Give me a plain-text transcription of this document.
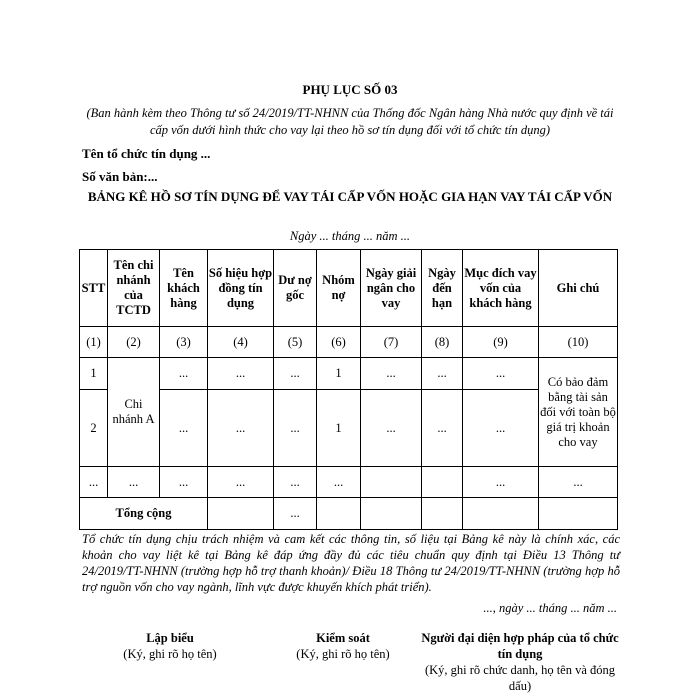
PHỤ LỤC SỐ 03
(Ban hành kèm theo Thông tư số 24/2019/TT-NHNN của Thống đốc Ngân hàng Nhà nước quy định về tái cấp vốn dưới hình thức cho vay lại theo hồ sơ tín dụng đối với tổ chức tín dụng)
Tên tổ chức tín dụng ...
Số văn bản:...
BẢNG KÊ HỒ SƠ TÍN DỤNG ĐỂ VAY TÁI CẤP VỐN HOẶC GIA HẠN VAY TÁI CẤP VỐN
Ngày ... tháng ... năm ...
STT	Tên chi nhánh của TCTD	Tên khách hàng	Số hiệu hợp đồng tín dụng	Dư nợ gốc	Nhóm nợ	Ngày giải ngân cho vay	Ngày đến hạn	Mục đích vay vốn của khách hàng	Ghi chú
(1)	(2)	(3)	(4)	(5)	(6)	(7)	(8)	(9)	(10)
1	Chi nhánh A	...	...	...	1	...	...	...	Có bảo đảm bằng tài sản đối với toàn bộ giá trị khoản cho vay
2		...	...	...	1	...	...	...	
...	...	...	...	...	...			...	...
Tổng cộng				...					
Tổ chức tín dụng chịu trách nhiệm và cam kết các thông tin, số liệu tại Bảng kê này là chính xác, các khoản cho vay liệt kê tại Bảng kê đáp ứng đầy đủ các tiêu chuẩn quy định tại Điều 13 Thông tư 24/2019/TT-NHNN (trường hợp hỗ trợ thanh khoản)/ Điều 18 Thông tư 24/2019/TT-NHNN (trường hợp hỗ trợ nguồn vốn cho vay ngành, lĩnh vực được khuyến khích phát triển).
..., ngày ... tháng ... năm ...
Lập biểu
(Ký, ghi rõ họ tên)
Kiểm soát
(Ký, ghi rõ họ tên)
Người đại diện hợp pháp của tổ chức tín dụng
(Ký, ghi rõ chức danh, họ tên và đóng dấu)
